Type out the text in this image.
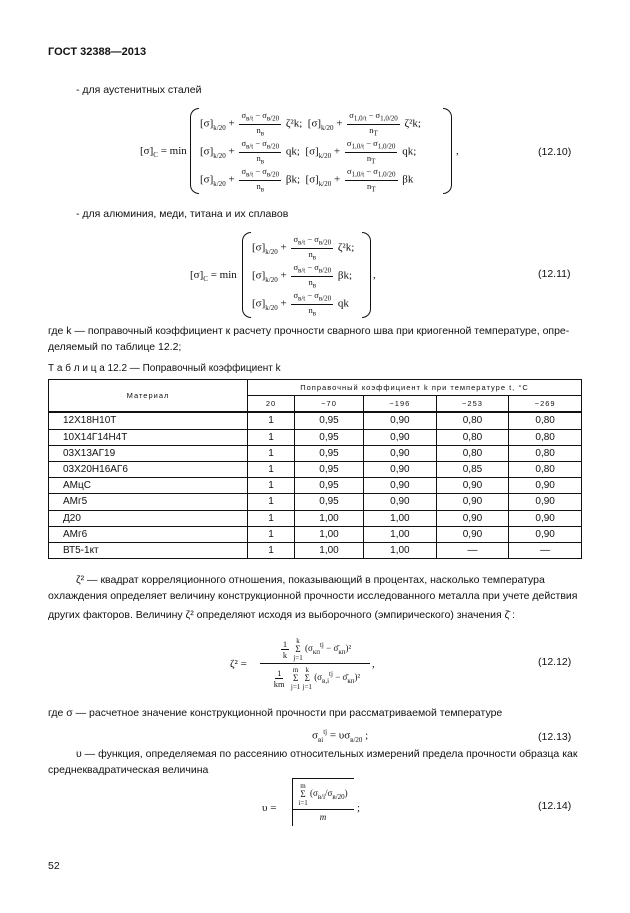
ГОСТ 32388—2013
- для аустенитных сталей
$[\sigma]_C = \min$
$[\sigma]_{k/20} + \frac{\sigma_{в/t} - \sigma_{в/20}}{n_в} \zeta^2k$;  $[\sigma]_{k/20} + \frac{\sigma_{1,0/t} - \sigma_{1,0/20}}{n_T} \zeta^2k$;
$[\sigma]_{k/20} + \frac{\sigma_{в/t} - \sigma_{в/20}}{n_в}$ qk;  $[\sigma]_{k/20} + \frac{\sigma_{1,0/t} - \sigma_{1,0/20}}{n_T}$ qk;
$[\sigma]_{k/20} + \frac{\sigma_{в/t} - \sigma_{в/20}}{n_в} \beta k$;  $[\sigma]_{k/20} + \frac{\sigma_{1,0/t} - \sigma_{1,0/20}}{n_T}$ βk
,	(12.10)
- для алюминия, меди, титана и их сплавов
$[\sigma]_C = \min$
$[\sigma]_{k/20} + \frac{\sigma_{в/t} - \sigma_{в/20}}{n_в} \zeta^2k$;
$[\sigma]_{k/20} + \frac{\sigma_{в/t} - \sigma_{в/20}}{n_в} \beta k$;
$[\sigma]_{k/20} + \frac{\sigma_{в/t} - \sigma_{в/20}}{n_в}$ qk
,	(12.11)
где k — поправочный коэффициент к расчету прочности сварного шва при криогенной температуре, опре-
деляемый по таблице 12.2;
Т а б л и ц а 12.2 — Поправочный коэффициент k
Материал	Поправочный коэффициент k при температуре t, °С				
	20	−70	−196	−253	−269
12Х18Н10Т	1	0,95	0,90	0,80	0,80
10Х14Г14Н4Т	1	0,95	0,90	0,80	0,80
03Х13АГ19	1	0,95	0,90	0,80	0,80
03Х20Н16АГ6	1	0,95	0,90	0,85	0,80
АМцС	1	0,95	0,90	0,90	0,90
АМг5	1	0,95	0,90	0,90	0,90
Д20	1	1,00	1,00	0,90	0,90
АМг6	1	1,00	1,00	0,90	0,90
ВТ5-1кт	1	1,00	1,00	—	—
ζ² — квадрат корреляционного отношения, показывающий в процентах, насколько температура
охлаждения определяет величину конструкционной прочности исследованного металла при учете действия
других факторов. Величину ζ² определяют исходя из выборочного (эмпирического) значения ζ̄ :
ζ² =
$\frac{1}{k}$ k
Σ
j=1 ($\sigma_{кп}^{tj}$ − $\sigmā_{кп})^2$
$\frac{1}{km}$ m
Σ
j=1 k
Σ
j=1 ($\sigma_{в,i}^{tj}$ − $\sigmā_{кп})^2$
,	(12.12)
где σ — расчетное значение конструкционной прочности при рассматриваемой температуре
$\sigma_{вi}^{tj} = \upsilon\sigma_{в/20}$ ;	(12.13)
υ — функция, определяемая по рассеянию относительных измерений предела прочности образца как
среднеквадратическая величина
υ =
m
Σ
i=1 $(\sigma_{в/i}/\sigma_{в/20})$
m
;	(12.14)
52
